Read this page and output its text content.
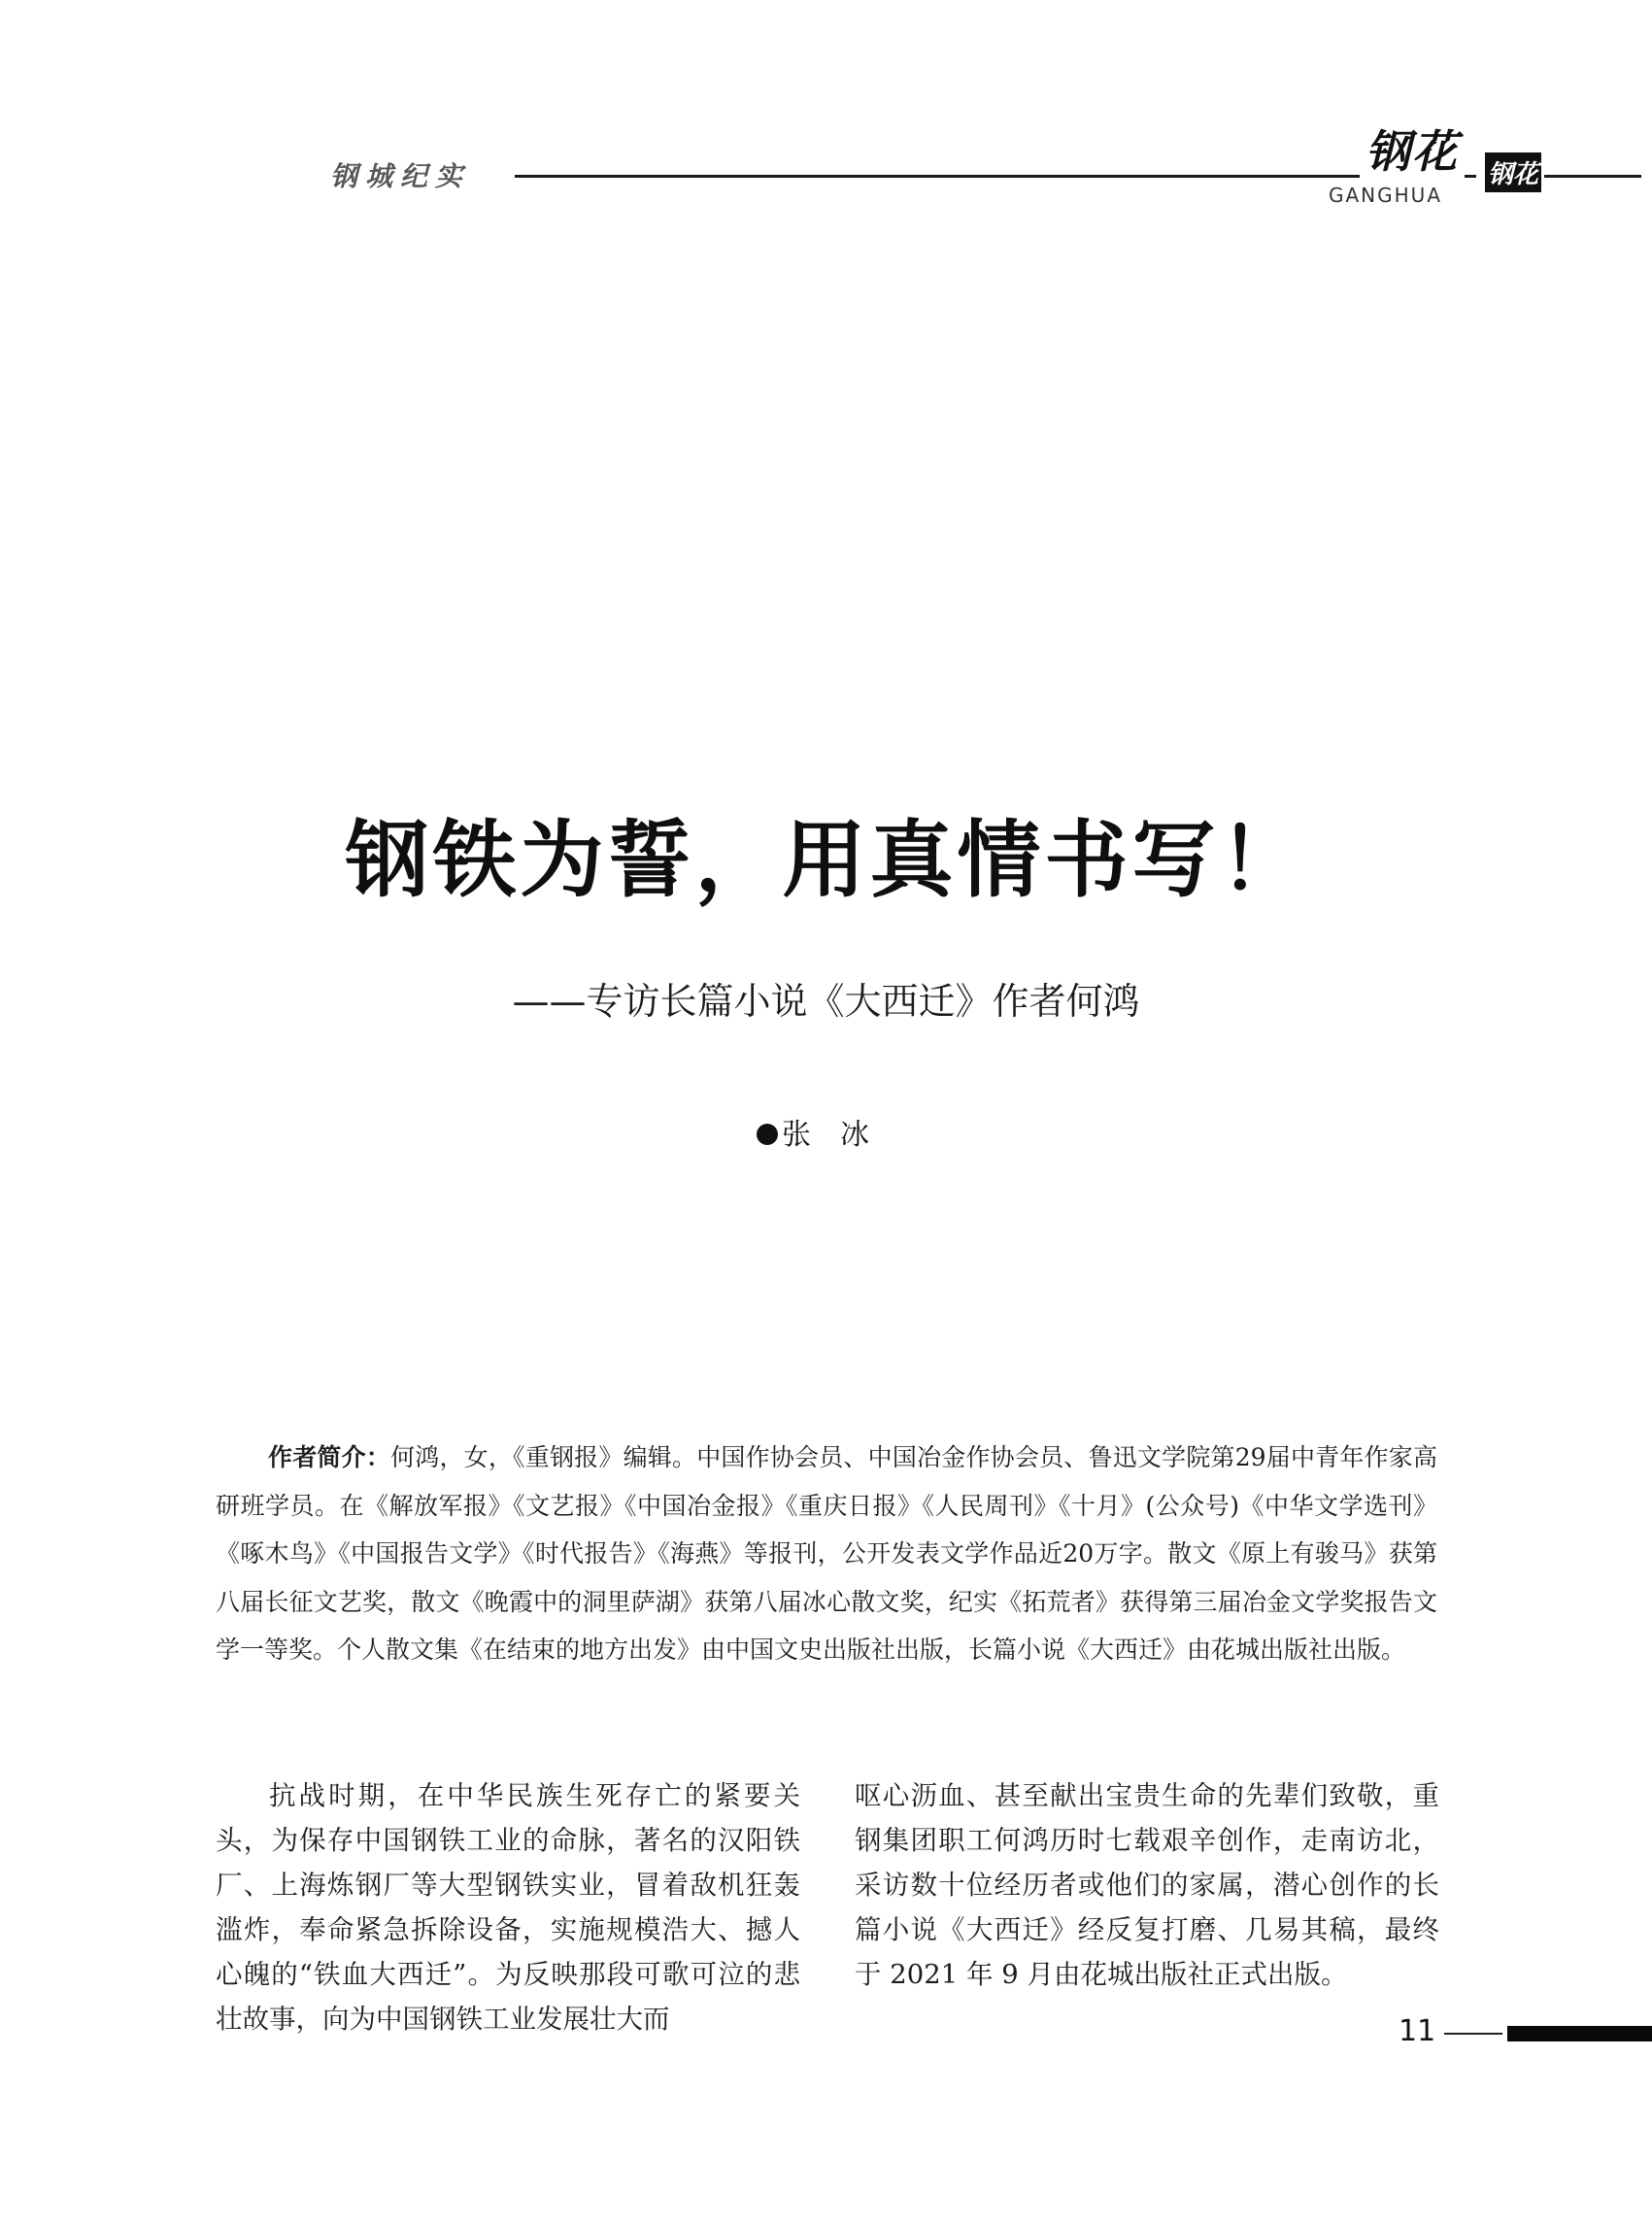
钢城纪实	钢花
GANGHUA
钢花
钢铁为誓，用真情书写！
——专访长篇小说《大西迁》作者何鸿
张冰
作者简介：何鸿，女，《重钢报》编辑。中国作协会员、中国冶金作协会员、鲁迅文学院第29届中青年作家高研班学员。在《解放军报》《文艺报》《中国冶金报》《重庆日报》《人民周刊》《十月》(公众号)《中华文学选刊》《啄木鸟》《中国报告文学》《时代报告》《海燕》等报刊，公开发表文学作品近20万字。散文《原上有骏马》获第八届长征文艺奖，散文《晚霞中的洞里萨湖》获第八届冰心散文奖，纪实《拓荒者》获得第三届冶金文学奖报告文学一等奖。个人散文集《在结束的地方出发》由中国文史出版社出版，长篇小说《大西迁》由花城出版社出版。
抗战时期，在中华民族生死存亡的紧要关头，为保存中国钢铁工业的命脉，著名的汉阳铁厂、上海炼钢厂等大型钢铁实业，冒着敌机狂轰滥炸，奉命紧急拆除设备，实施规模浩大、撼人心魄的“铁血大西迁”。为反映那段可歌可泣的悲壮故事，向为中国钢铁工业发展壮大而
呕心沥血、甚至献出宝贵生命的先辈们致敬，重钢集团职工何鸿历时七载艰辛创作，走南访北，采访数十位经历者或他们的家属，潜心创作的长篇小说《大西迁》经反复打磨、几易其稿，最终于 2021 年 9 月由花城出版社正式出版。
11
